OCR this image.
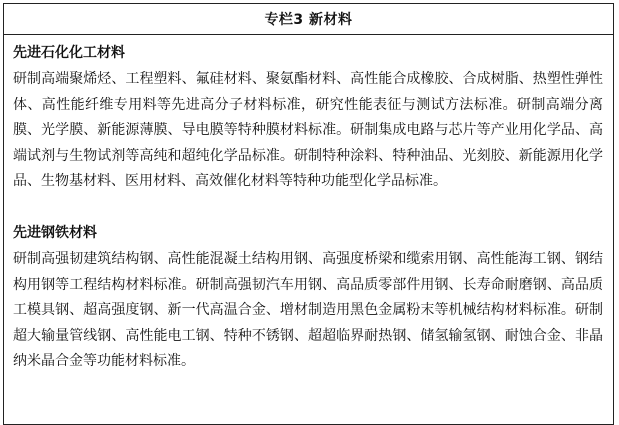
专栏3 新材料
先进石化化工材料

研制高端聚烯烃、工程塑料、氟硅材料、聚氨酯材料、高性能合成橡胶、合成树脂、热塑性弹性体、高性能纤维专用料等先进高分子材料标准，研究性能表征与测试方法标准。研制高端分离膜、光学膜、新能源薄膜、导电膜等特种膜材料标准。研制集成电路与芯片等产业用化学品、高端试剂与生物试剂等高纯和超纯化学品标准。研制特种涂料、特种油品、光刻胶、新能源用化学品、生物基材料、医用材料、高效催化材料等特种功能型化学品标准。

先进钢铁材料

研制高强韧建筑结构钢、高性能混凝土结构用钢、高强度桥梁和缆索用钢、高性能海工钢、钢结构用钢等工程结构材料标准。研制高强韧汽车用钢、高品质零部件用钢、长寿命耐磨钢、高品质工模具钢、超高强度钢、新一代高温合金、增材制造用黑色金属粉末等机械结构材料标准。研制超大输量管线钢、高性能电工钢、特种不锈钢、超超临界耐热钢、储氢输氢钢、耐蚀合金、非晶纳米晶合金等功能材料标准。
